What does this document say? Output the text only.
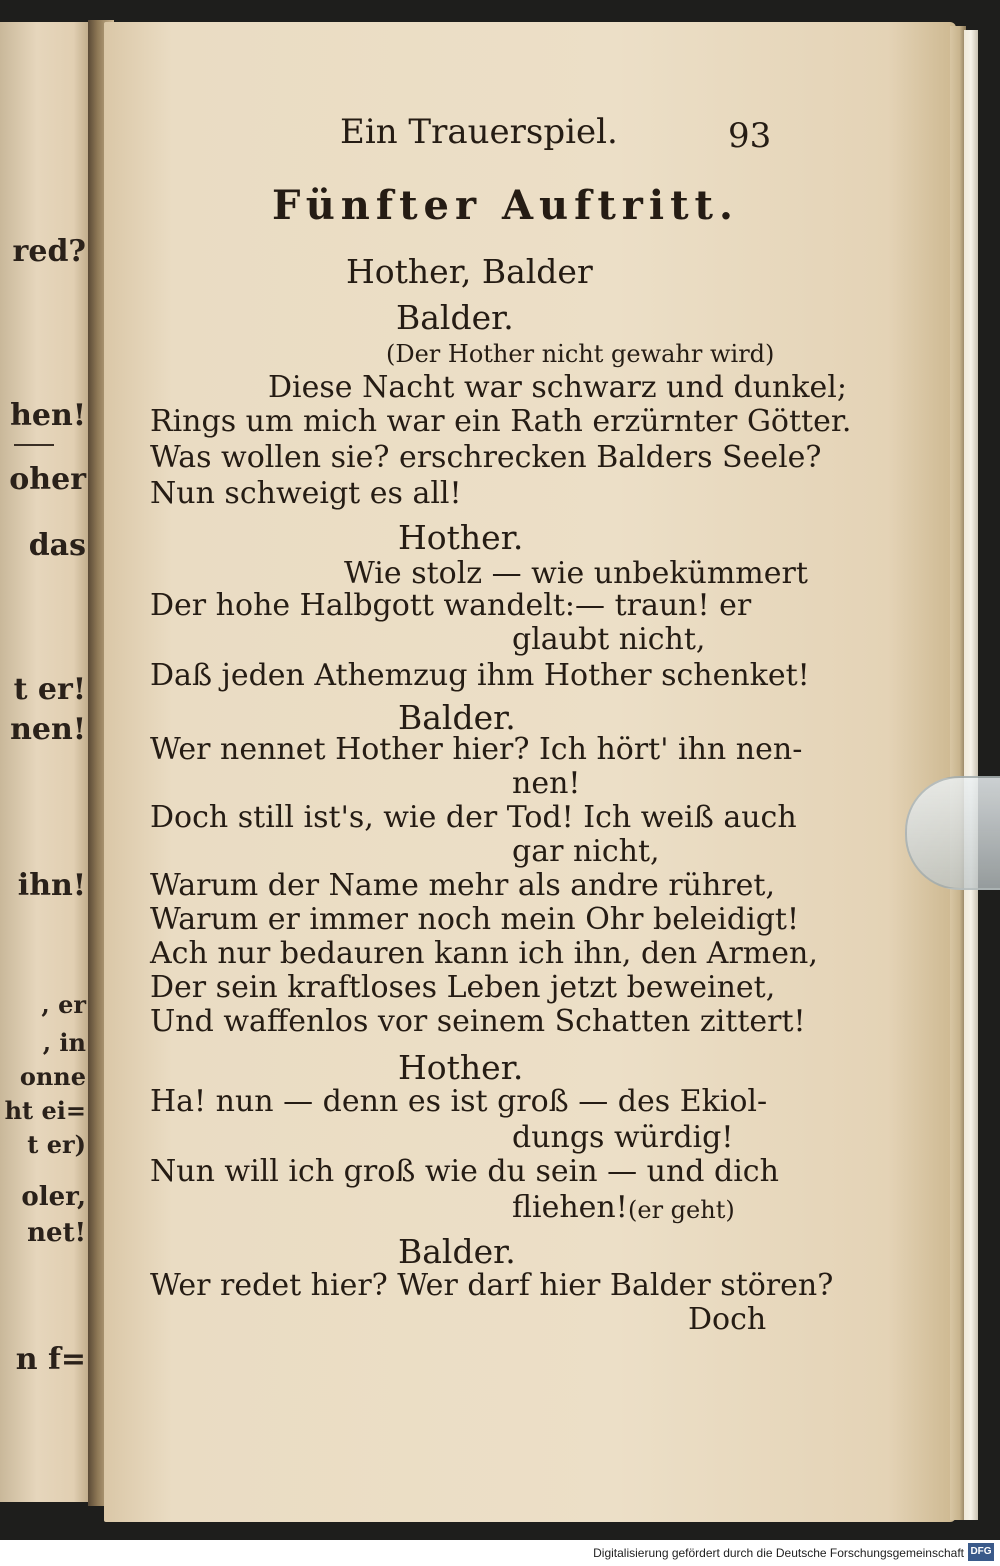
red?
hen!
oher
das
t er!
nen!
ihn!
, er
, in
onne
ht ei=
t er)
oler,
net!
n f=
Ein Trauerspiel.	93
Fünfter Auftritt.
Hother, Balder
Balder.
(Der Hother nicht gewahr wird)
Diese Nacht war schwarz und dunkel;
Rings um mich war ein Rath erzürnter Götter.
Was wollen sie? erschrecken Balders Seele?
Nun schweigt es all!
Hother.
Wie stolz — wie unbekümmert
Der hohe Halbgott wandelt:— traun! er
glaubt nicht,
Daß jeden Athemzug ihm Hother schenket!
Balder.
Wer nennet Hother hier? Ich hört' ihn nen-
nen!
Doch still ist's, wie der Tod! Ich weiß auch
gar nicht,
Warum der Name mehr als andre rühret,
Warum er immer noch mein Ohr beleidigt!
Ach nur bedauren kann ich ihn, den Armen,
Der sein kraftloses Leben jetzt beweinet,
Und waffenlos vor seinem Schatten zittert!
Hother.
Ha! nun — denn es ist groß — des Ekiol-
dungs würdig!
Nun will ich groß wie du sein — und dich
fliehen! (er geht)
Balder.
Wer redet hier? Wer darf hier Balder stören?
Doch
Digitalisierung gefördert durch die Deutsche Forschungsgemeinschaft DFG
